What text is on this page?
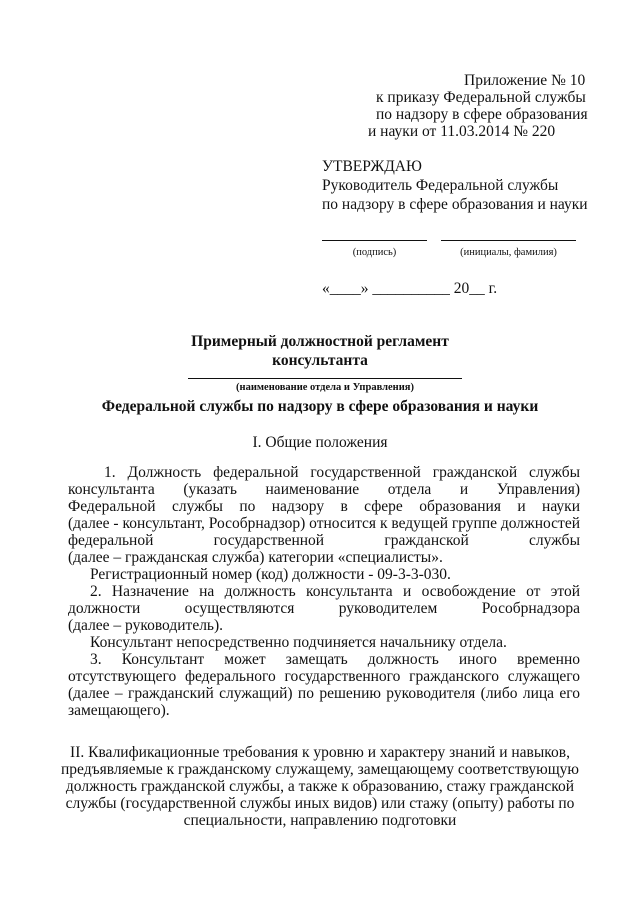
Приложение № 10
к приказу Федеральной службы
по надзору в сфере образования
и науки от 11.03.2014 № 220
УТВЕРЖДАЮ
Руководитель Федеральной службы
по надзору в сфере образования и науки
(подпись)	(инициалы, фамилия)
«____» __________ 20__ г.
Примерный должностной регламент
консультанта
(наименование отдела и Управления)
Федеральной службы по надзору в сфере образования и науки
I. Общие положения
1. Должность федеральной государственной гражданской службы
консультанта (указать наименование отдела и Управления)
Федеральной службы по надзору в сфере образования и науки
(далее - консультант, Рособрнадзор) относится к ведущей группе должностей
федеральной государственной гражданской службы
(далее – гражданская служба) категории «специалисты».
Регистрационный номер (код) должности - 09-3-3-030.
2. Назначение на должность консультанта и освобождение от этой
должности осуществляются руководителем Рособрнадзора
(далее – руководитель).
Консультант непосредственно подчиняется начальнику отдела.
3. Консультант может замещать должность иного временно
отсутствующего федерального государственного гражданского служащего
(далее – гражданский служащий) по решению руководителя (либо лица его
замещающего).
II. Квалификационные требования к уровню и характеру знаний и навыков,
предъявляемые к гражданскому служащему, замещающему соответствующую
должность гражданской службы, а также к образованию, стажу гражданской
службы (государственной службы иных видов) или стажу (опыту) работы по
специальности, направлению подготовки
